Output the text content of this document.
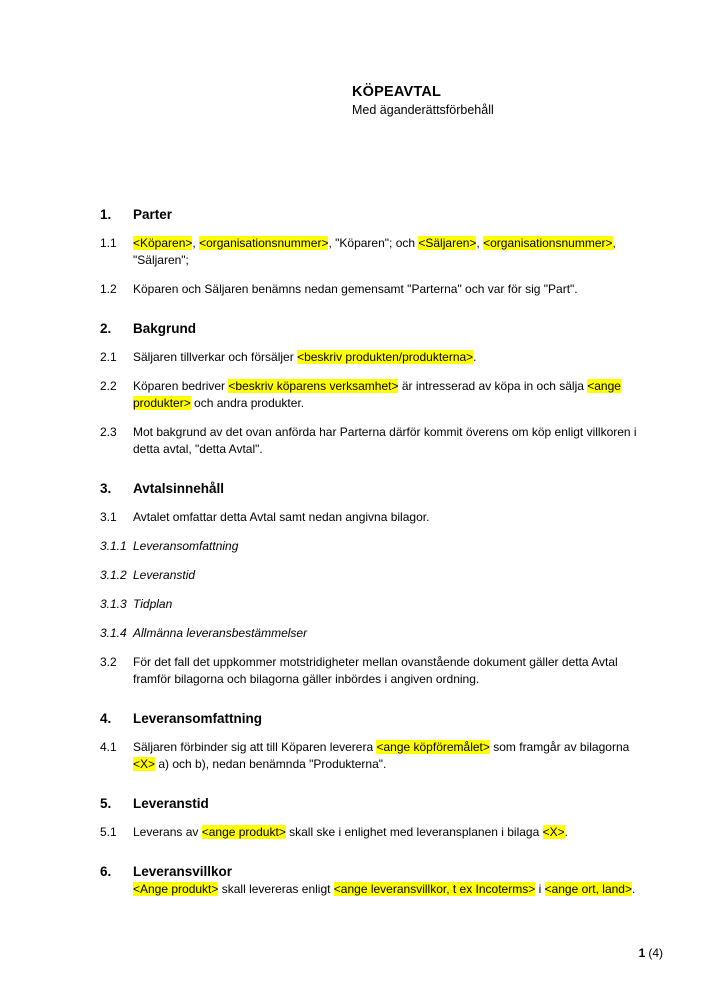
KÖPEAVTAL
Med äganderättsförbehåll
1.	Parter
1.1	<Köparen>, <organisationsnummer>, "Köparen"; och <Säljaren>, <organisationsnummer>, "Säljaren";
1.2	Köparen och Säljaren benämns nedan gemensamt "Parterna" och var för sig "Part".
2.	Bakgrund
2.1	Säljaren tillverkar och försäljer <beskriv produkten/produkterna>.
2.2	Köparen bedriver <beskriv köparens verksamhet> är intresserad av köpa in och sälja <ange produkter> och andra produkter.
2.3	Mot bakgrund av det ovan anförda har Parterna därför kommit överens om köp enligt villkoren i detta avtal, "detta Avtal".
3.	Avtalsinnehåll
3.1	Avtalet omfattar detta Avtal samt nedan angivna bilagor.
3.1.1 Leveransomfattning
3.1.2 Leveranstid
3.1.3 Tidplan
3.1.4 Allmänna leveransbestämmelser
3.2	För det fall det uppkommer motstridigheter mellan ovanstående dokument gäller detta Avtal framför bilagorna och bilagorna gäller inbördes i angiven ordning.
4.	Leveransomfattning
4.1	Säljaren förbinder sig att till Köparen leverera <ange köpföremålet> som framgår av bilagorna <X> a) och b), nedan benämnda "Produkterna".
5.	Leveranstid
5.1	Leverans av <ange produkt> skall ske i enlighet med leveransplanen i bilaga <X>.
6.	Leveransvillkor
<Ange produkt> skall levereras enligt <ange leveransvillkor, t ex Incoterms> i <ange ort, land>.
1 (4)
